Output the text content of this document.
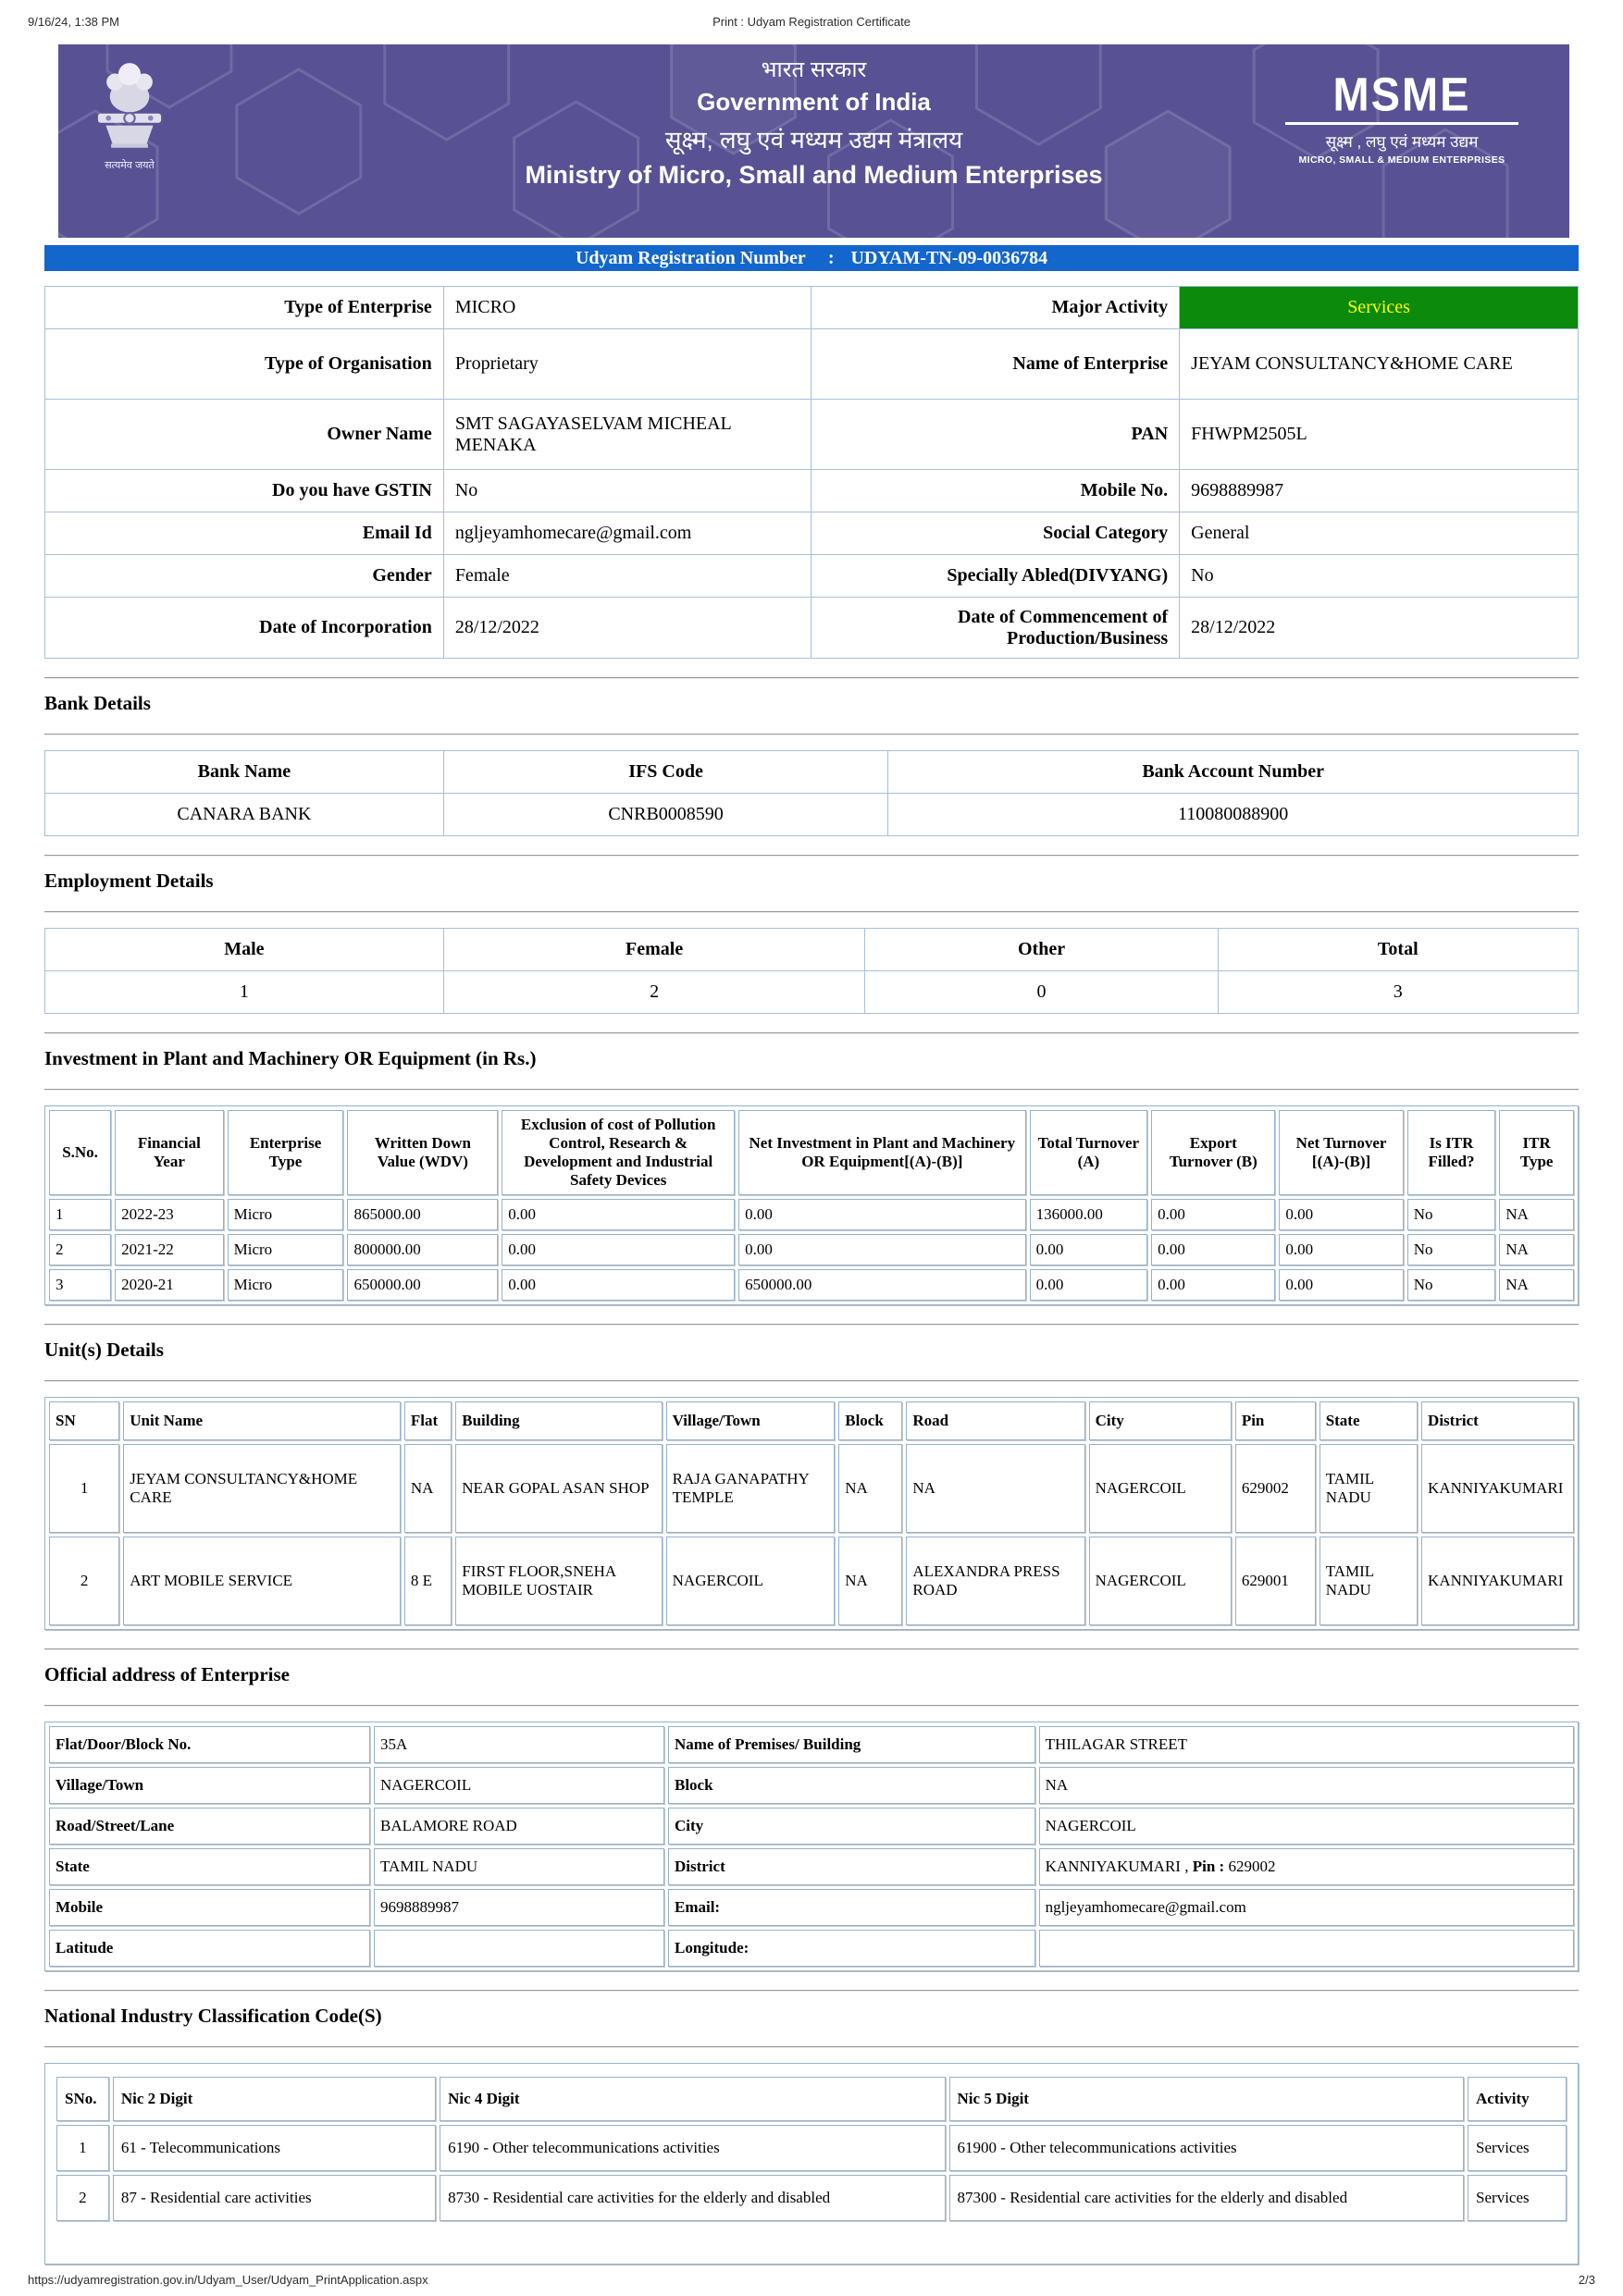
9/16/24, 1:38 PM	Print : Udyam Registration Certificate
सत्यमेव जयते
भारत सरकार
Government of India
सूक्ष्म, लघु एवं मध्यम उद्यम मंत्रालय
Ministry of Micro, Small and Medium Enterprises
MSME
सूक्ष्म , लघु एवं मध्यम उद्यम
MICRO, SMALL & MEDIUM ENTERPRISES
Udyam Registration Number : UDYAM-TN-09-0036784
Type of Enterprise	MICRO	Major Activity	Services
Type of Organisation	Proprietary	Name of Enterprise	JEYAM CONSULTANCY&HOME CARE
Owner Name	SMT SAGAYASELVAM MICHEAL MENAKA	PAN	FHWPM2505L
Do you have GSTIN	No	Mobile No.	9698889987
Email Id	ngljeyamhomecare@gmail.com	Social Category	General
Gender	Female	Specially Abled(DIVYANG)	No
Date of Incorporation	28/12/2022	Date of Commencement of Production/Business	28/12/2022
Bank Details
Bank Name	IFS Code	Bank Account Number
CANARA BANK	CNRB0008590	110080088900
Employment Details
Male	Female	Other	Total
1	2	0	3
Investment in Plant and Machinery OR Equipment (in Rs.)
S.No.	Financial Year	Enterprise Type	Written Down Value (WDV)	Exclusion of cost of Pollution Control, Research & Development and Industrial Safety Devices	Net Investment in Plant and Machinery OR Equipment[(A)-(B)]	Total Turnover (A)	Export Turnover (B)	Net Turnover [(A)-(B)]	Is ITR Filled?	ITR Type
1	2022-23	Micro	865000.00	0.00	0.00	136000.00	0.00	0.00	No	NA
2	2021-22	Micro	800000.00	0.00	0.00	0.00	0.00	0.00	No	NA
3	2020-21	Micro	650000.00	0.00	650000.00	0.00	0.00	0.00	No	NA
Unit(s) Details
SN	Unit Name	Flat	Building	Village/Town	Block	Road	City	Pin	State	District
1	JEYAM CONSULTANCY&HOME CARE	NA	NEAR GOPAL ASAN SHOP	RAJA GANAPATHY TEMPLE	NA	NA	NAGERCOIL	629002	TAMIL NADU	KANNIYAKUMARI
2	ART MOBILE SERVICE	8 E	FIRST FLOOR,SNEHA MOBILE UOSTAIR	NAGERCOIL	NA	ALEXANDRA PRESS ROAD	NAGERCOIL	629001	TAMIL NADU	KANNIYAKUMARI
Official address of Enterprise
Flat/Door/Block No.	35A	Name of Premises/ Building	THILAGAR STREET
Village/Town	NAGERCOIL	Block	NA
Road/Street/Lane	BALAMORE ROAD	City	NAGERCOIL
State	TAMIL NADU	District	KANNIYAKUMARI , Pin : 629002
Mobile	9698889987	Email:	ngljeyamhomecare@gmail.com
Latitude		Longitude:	
National Industry Classification Code(S)
SNo.	Nic 2 Digit	Nic 4 Digit	Nic 5 Digit	Activity
1	61 - Telecommunications	6190 - Other telecommunications activities	61900 - Other telecommunications activities	Services
2	87 - Residential care activities	8730 - Residential care activities for the elderly and disabled	87300 - Residential care activities for the elderly and disabled	Services
https://udyamregistration.gov.in/Udyam_User/Udyam_PrintApplication.aspx	2/3
